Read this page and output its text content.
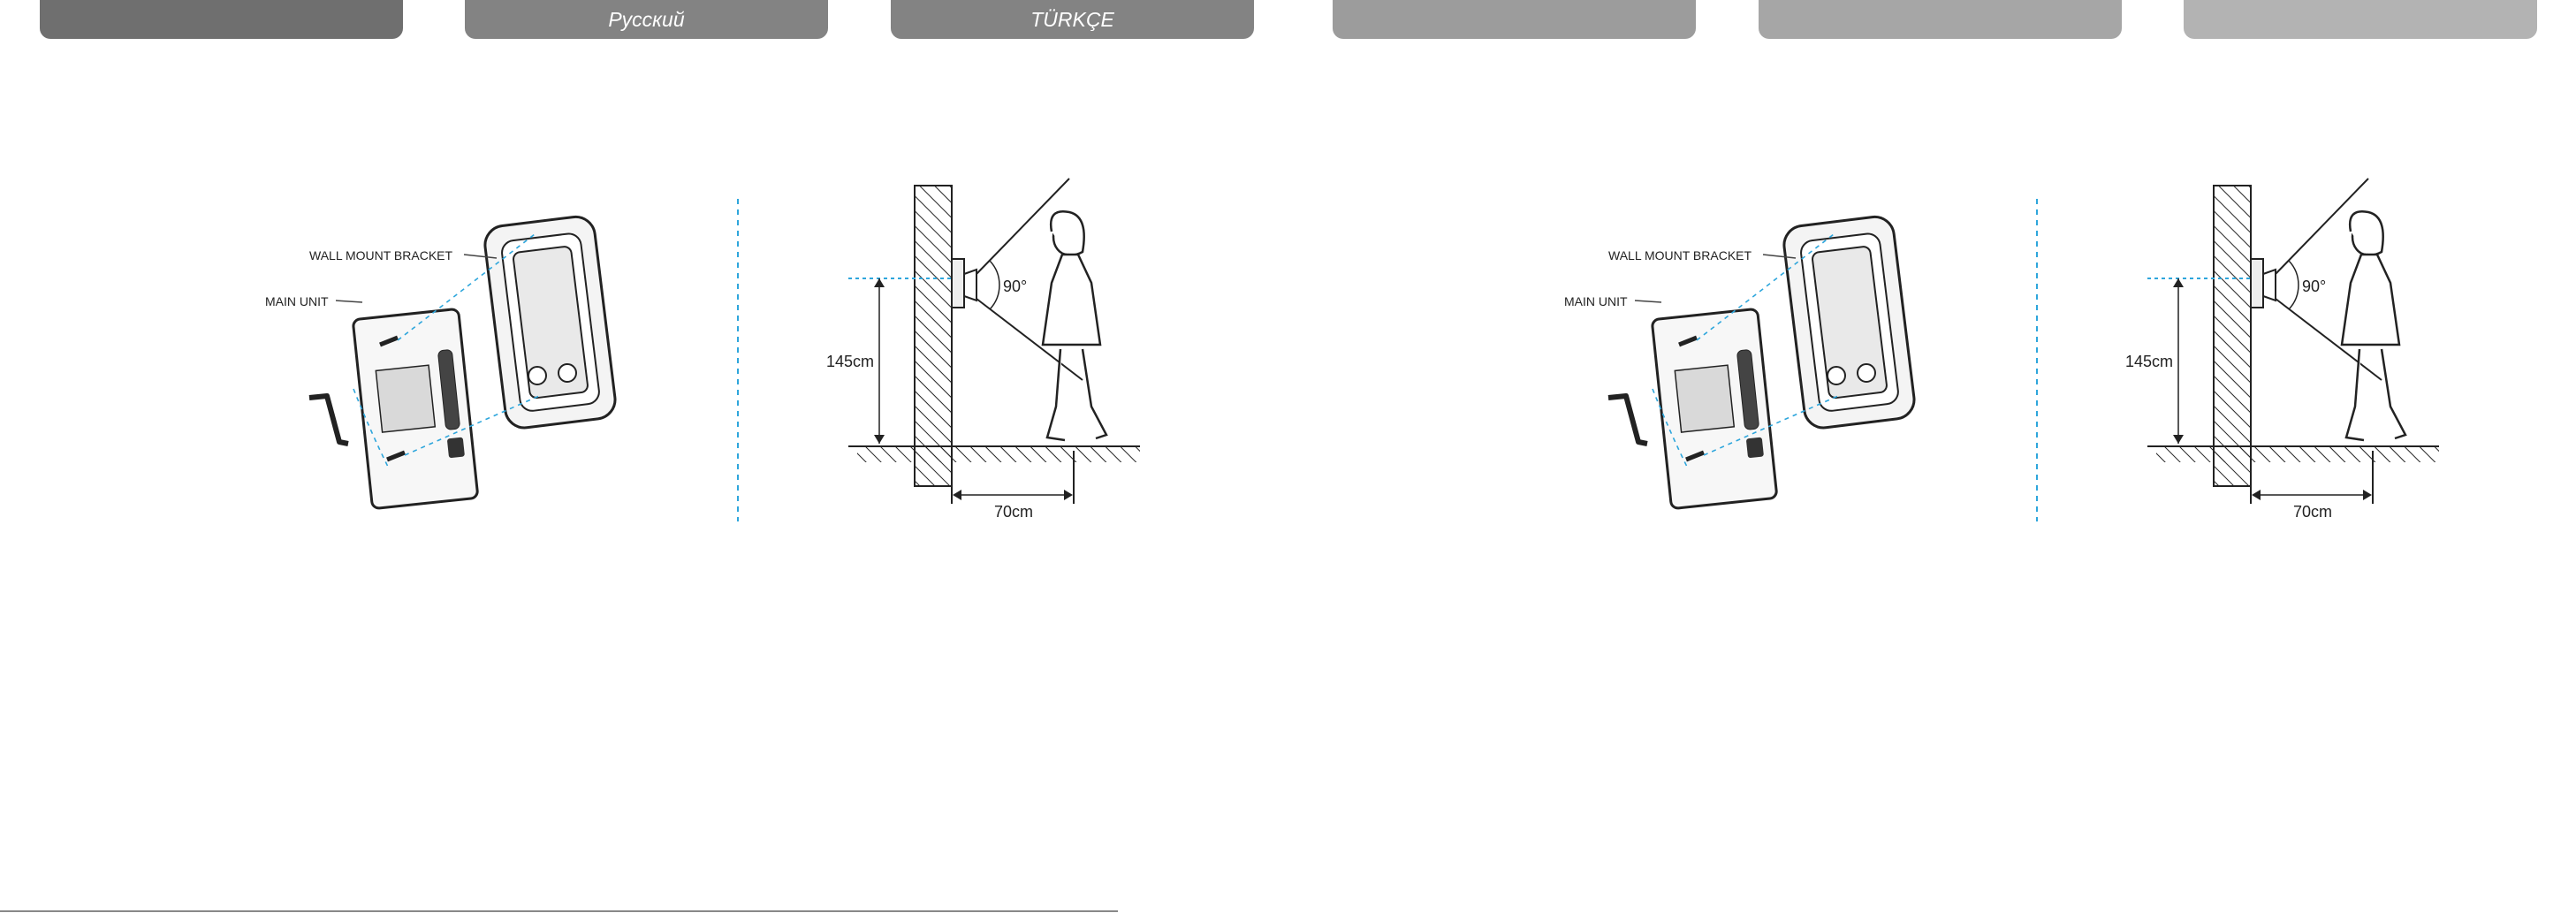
Русский	TÜRKÇE
WALL MOUNT BRACKET
MAIN UNIT
90°
145cm
70cm
WALL MOUNT BRACKET
MAIN UNIT
90°
145cm
70cm
